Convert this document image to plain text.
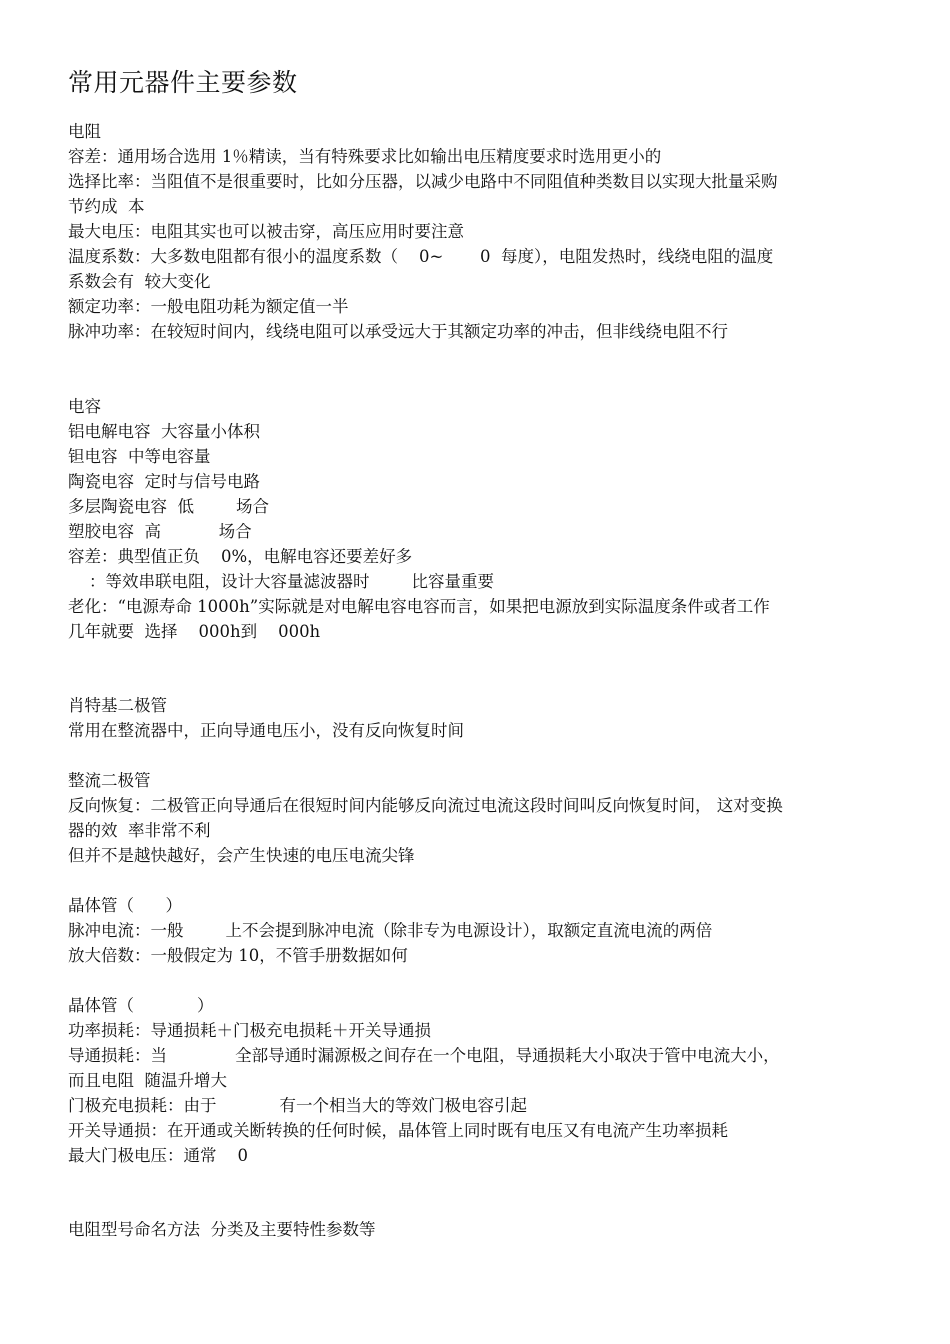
常用元器件主要参数
电阻
容差：通用场合选用 1％精读，当有特殊要求比如输出电压精度要求时选用更小的
选择比率：当阻值不是很重要时，比如分压器，以减少电路中不同阻值种类数目以实现大批量采购
节约成  本
最大电压：电阻其实也可以被击穿，高压应用时要注意
温度系数：大多数电阻都有很小的温度系数（    0~       0  每度），电阻发热时，线绕电阻的温度
系数会有  较大变化
额定功率：一般电阻功耗为额定值一半
脉冲功率：在较短时间内，线绕电阻可以承受远大于其额定功率的冲击，但非线绕电阻不行
电容
铝电解电容  大容量小体积
钽电容  中等电容量
陶瓷电容  定时与信号电路
多层陶瓷电容  低        场合
塑胶电容  高           场合
容差：典型值正负    0%，电解电容还要差好多
：等效串联电阻，设计大容量滤波器时        比容量重要
老化：“电源寿命 1000h”实际就是对电解电容电容而言，如果把电源放到实际温度条件或者工作
几年就要  选择    000h到    000h
肖特基二极管
常用在整流器中，正向导通电压小，没有反向恢复时间
整流二极管
反向恢复：二极管正向导通后在很短时间内能够反向流过电流这段时间叫反向恢复时间， 这对变换
器的效  率非常不利
但并不是越快越好，会产生快速的电压电流尖锋
晶体管（      ）
脉冲电流：一般        上不会提到脉冲电流（除非专为电源设计），取额定直流电流的两倍
放大倍数：一般假定为 10，不管手册数据如何
晶体管（            ）
功率损耗：导通损耗＋门极充电损耗＋开关导通损
导通损耗：当             全部导通时漏源极之间存在一个电阻，导通损耗大小取决于管中电流大小，
而且电阻  随温升增大
门极充电损耗：由于            有一个相当大的等效门极电容引起
开关导通损：在开通或关断转换的任何时候，晶体管上同时既有电压又有电流产生功率损耗
最大门极电压：通常    0
电阻型号命名方法  分类及主要特性参数等
